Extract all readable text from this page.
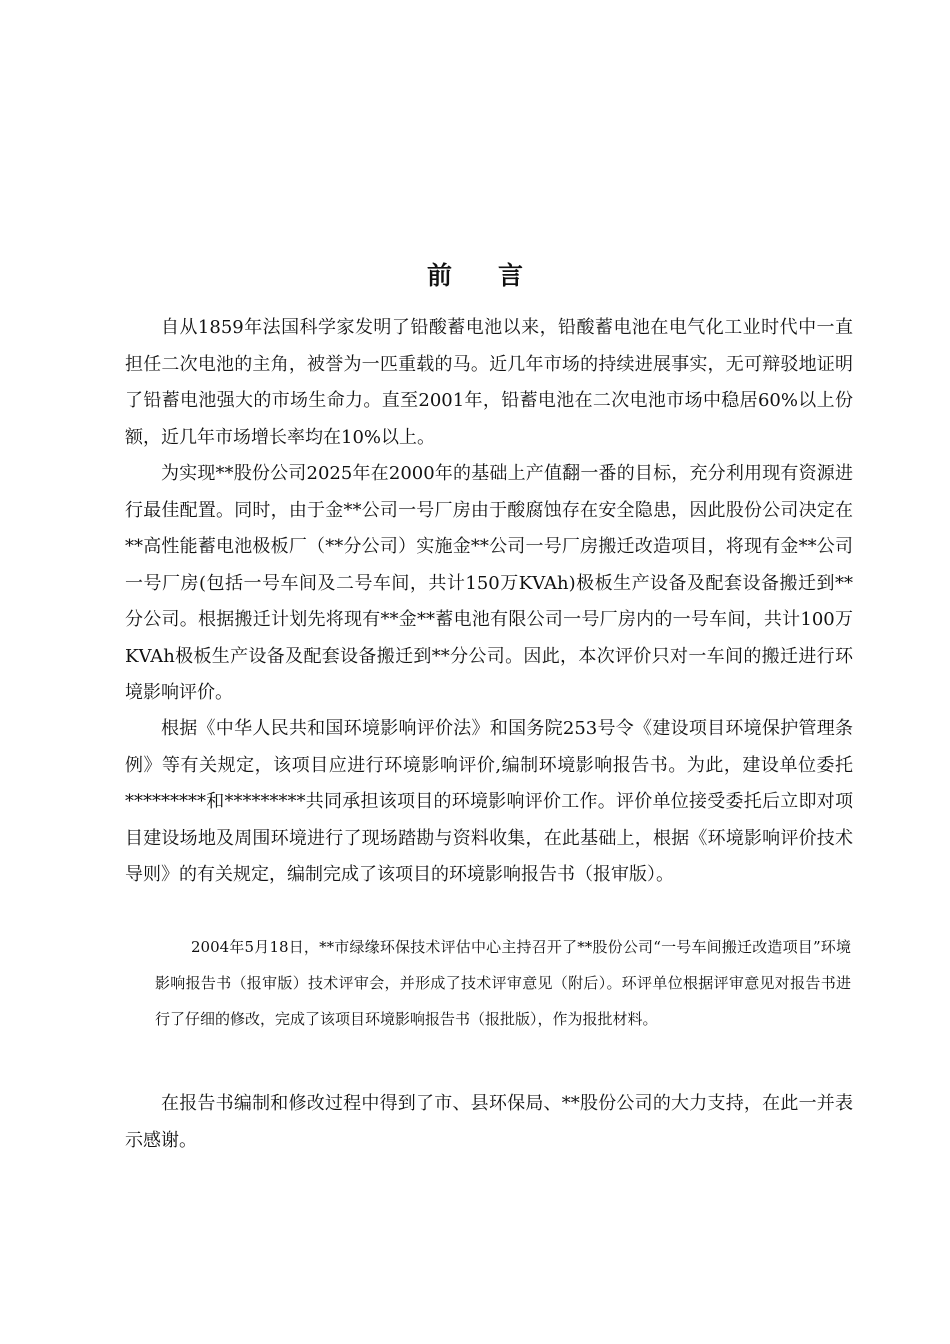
前言

自从1859年法国科学家发明了铅酸蓄电池以来，铅酸蓄电池在电气化工业时代中一直担任二次电池的主角，被誉为一匹重载的马。近几年市场的持续进展事实，无可辩驳地证明了铅蓄电池强大的市场生命力。直至2001年，铅蓄电池在二次电池市场中稳居60%以上份额，近几年市场增长率均在10%以上。

为实现**股份公司2025年在2000年的基础上产值翻一番的目标，充分利用现有资源进行最佳配置。同时，由于金**公司一号厂房由于酸腐蚀存在安全隐患，因此股份公司决定在**高性能蓄电池极板厂（**分公司）实施金**公司一号厂房搬迁改造项目，将现有金**公司一号厂房(包括一号车间及二号车间，共计150万KVAh)极板生产设备及配套设备搬迁到**分公司。根据搬迁计划先将现有**金**蓄电池有限公司一号厂房内的一号车间，共计100万KVAh极板生产设备及配套设备搬迁到**分公司。因此，本次评价只对一车间的搬迁进行环境影响评价。

根据《中华人民共和国环境影响评价法》和国务院253号令《建设项目环境保护管理条例》等有关规定，该项目应进行环境影响评价,编制环境影响报告书。为此，建设单位委托*********和*********共同承担该项目的环境影响评价工作。评价单位接受委托后立即对项目建设场地及周围环境进行了现场踏勘与资料收集，在此基础上，根据《环境影响评价技术导则》的有关规定，编制完成了该项目的环境影响报告书（报审版）。

2004年5月18日，**市绿缘环保技术评估中心主持召开了**股份公司“一号车间搬迁改造项目”环境影响报告书（报审版）技术评审会，并形成了技术评审意见（附后）。环评单位根据评审意见对报告书进行了仔细的修改，完成了该项目环境影响报告书（报批版），作为报批材料。

在报告书编制和修改过程中得到了市、县环保局、**股份公司的大力支持，在此一并表示感谢。
